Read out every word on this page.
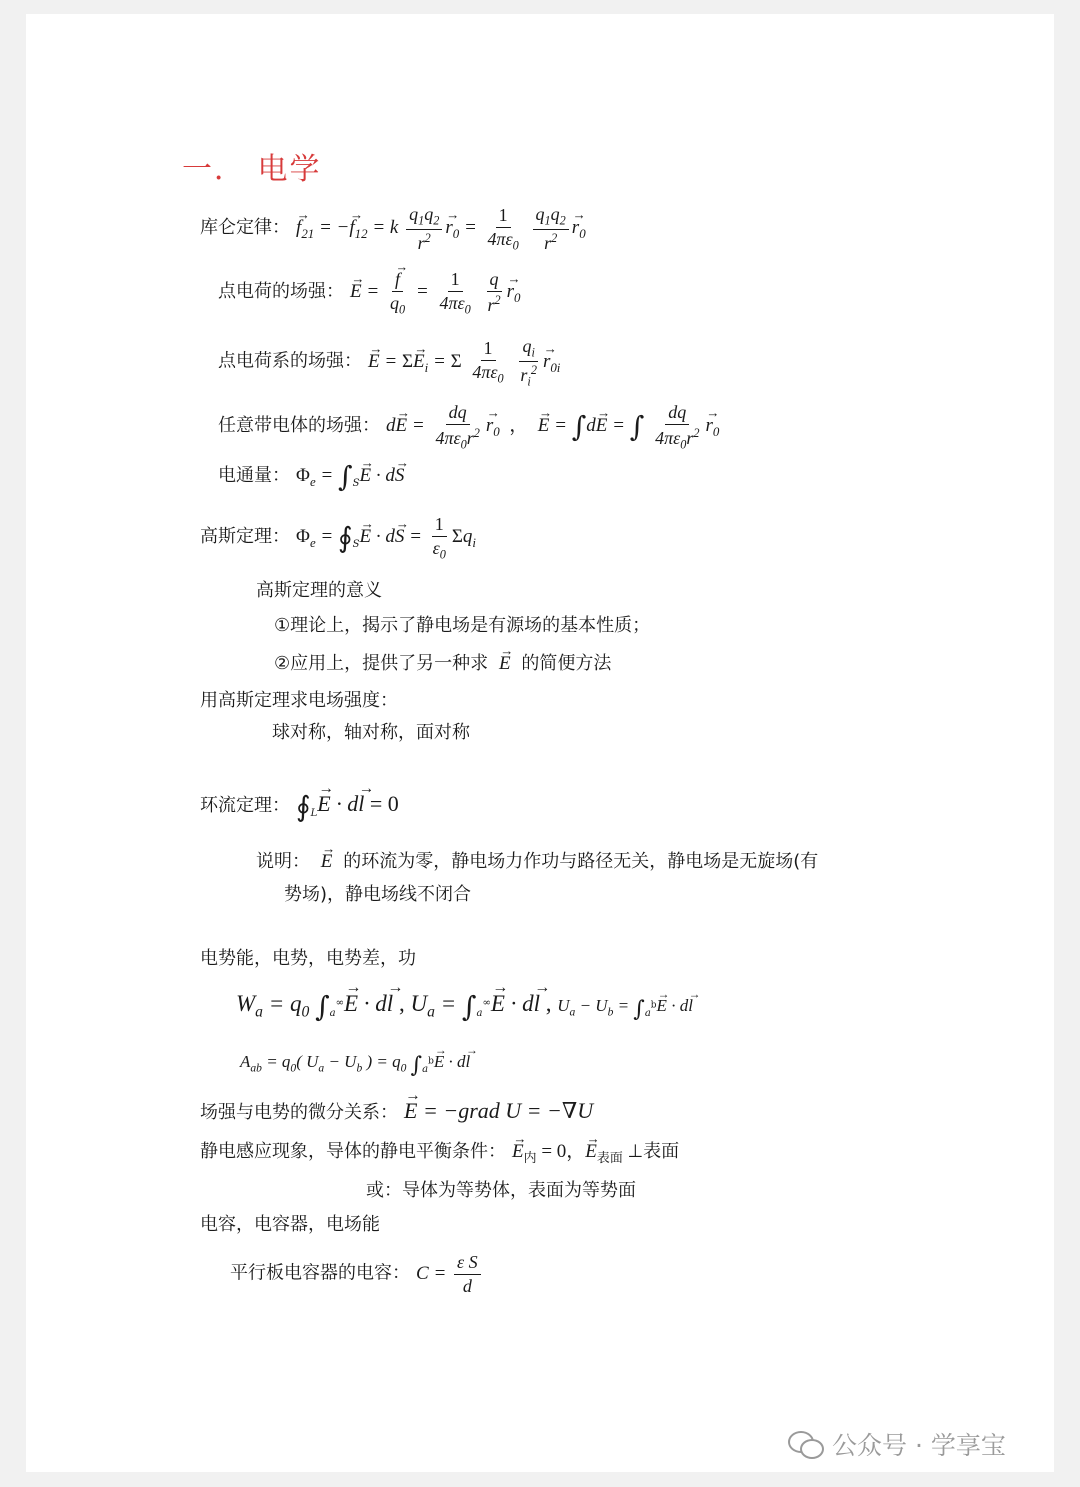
一． 电学
库仑定律： → $f_{21}$ = −→ $f_{12} = k \frac{q_1q_2}{r^2}$
→ $r_0 = \frac{1}{4\pi\varepsilon_0}$
$\frac{q_1q_2}{r^2}$
→ $r_0$
点电荷的场强： → E =
→ $\frac{f}{q_0} = \frac{1}{4\pi\varepsilon_0}$
$\frac{q}{r^2}$
→ $r_0$
点电荷系的场强： → $E = \Sigma\to E_i = \Sigma \frac{1}{4\pi\varepsilon_0}$
$\frac{q_i}{r_i^2}$
→ $r_{0i}$
任意带电体的场强： $d\to E = \frac{dq}{4\pi\varepsilon_0r^2}$
→ $r_0$  ，  → E = ∫d→ E = ∫ $\frac{dq}{4\pi\varepsilon_0r^2}$
→ $r_0$
电通量： $\Phi_e = \int S\to E \cdot d\to S$
高斯定理： $\Phi_e$ = ∮S→ $E \cdot d\to S = \frac{1}{\varepsilon_0} \Sigma q_i$
高斯定理的意义
①理论上，揭示了静电场是有源场的基本性质；
②应用上，提供了另一种求  → E 的简便方法
用高斯定理求电场强度：
球对称，轴对称，面对称
环流定理： ∮L→ E · d→ l = 0
说明：  → E 的环流为零，静电场力作功与路径无关，静电场是无旋场(有
势场)，静电场线不闭合
电势能，电势，电势差，功
$W_a = q_0$ ∫a∞→ E · d→ l , $U_a = \int a^\infty\to E \cdot d\to l$ , $U_a - U_b = \int a^b\to E \cdot d\to l$
$A_{ab} = q_0$( $U_a - U_b$ ) = $q_0$ $\int a^b\to E \cdot d\to l$
场强与电势的微分关系： → E = −grad U = −∇U
静电感应现象，导体的静电平衡条件： → $E_内 = 0$，→ $E_{表面}$ ⊥表面
或：导体为等势体，表面为等势面
电容，电容器，电场能
平行板电容器的电容： $C = \frac{\text{ε S}}{d}$
公众号 · 学享宝
